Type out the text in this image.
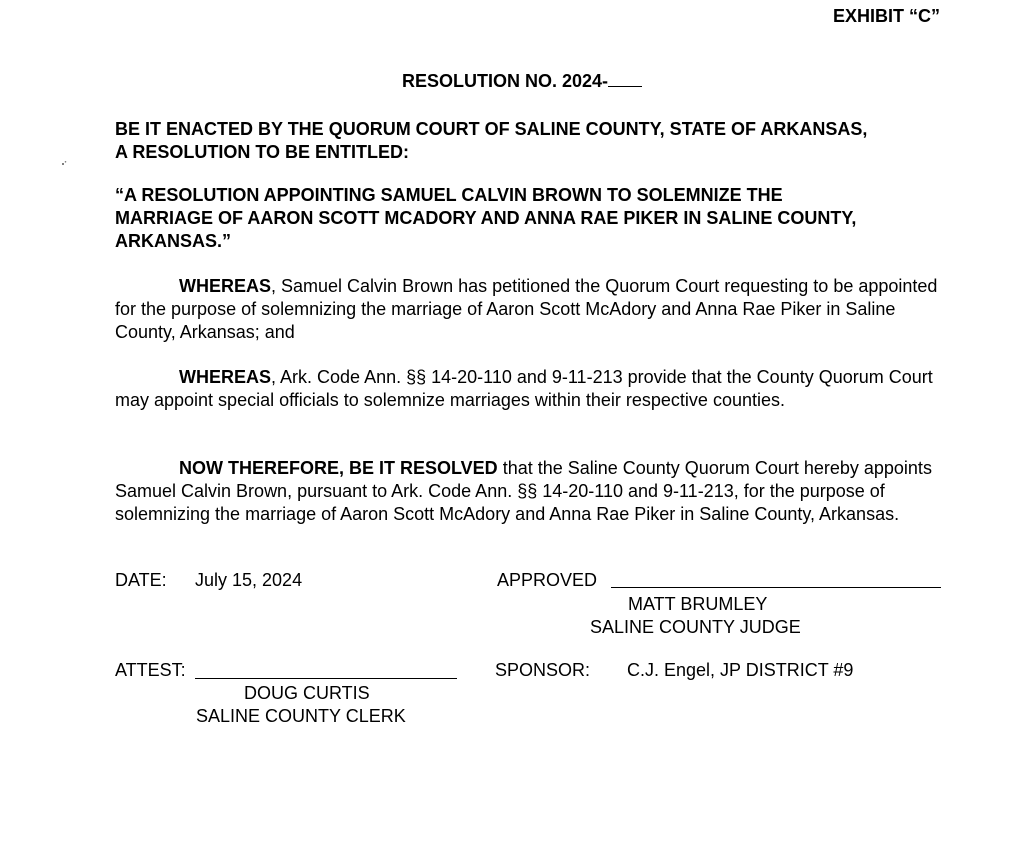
EXHIBIT “C”
RESOLUTION NO. 2024-
BE IT ENACTED BY THE QUORUM COURT OF SALINE COUNTY, STATE OF ARKANSAS,
A RESOLUTION TO BE ENTITLED:
“A RESOLUTION APPOINTING SAMUEL CALVIN BROWN TO SOLEMNIZE THE
MARRIAGE OF AARON SCOTT MCADORY AND ANNA RAE PIKER IN SALINE COUNTY,
ARKANSAS.”
WHEREAS, Samuel Calvin Brown has petitioned the Quorum Court requesting to be appointed for the purpose of solemnizing the marriage of Aaron Scott McAdory and Anna Rae Piker in Saline County, Arkansas; and
WHEREAS, Ark. Code Ann. §§ 14-20-110 and 9-11-213 provide that the County Quorum Court may appoint special officials to solemnize marriages within their respective counties.
NOW THEREFORE, BE IT RESOLVED that the Saline County Quorum Court hereby appoints Samuel Calvin Brown, pursuant to Ark. Code Ann. §§ 14-20-110 and 9-11-213, for the purpose of solemnizing the marriage of Aaron Scott McAdory and Anna Rae Piker in Saline County, Arkansas.
DATE: July 15, 2024	APPROVED
MATT BRUMLEY
SALINE COUNTY JUDGE
ATTEST:
DOUG CURTIS
SALINE COUNTY CLERK
SPONSOR: C.J. Engel, JP DISTRICT #9
